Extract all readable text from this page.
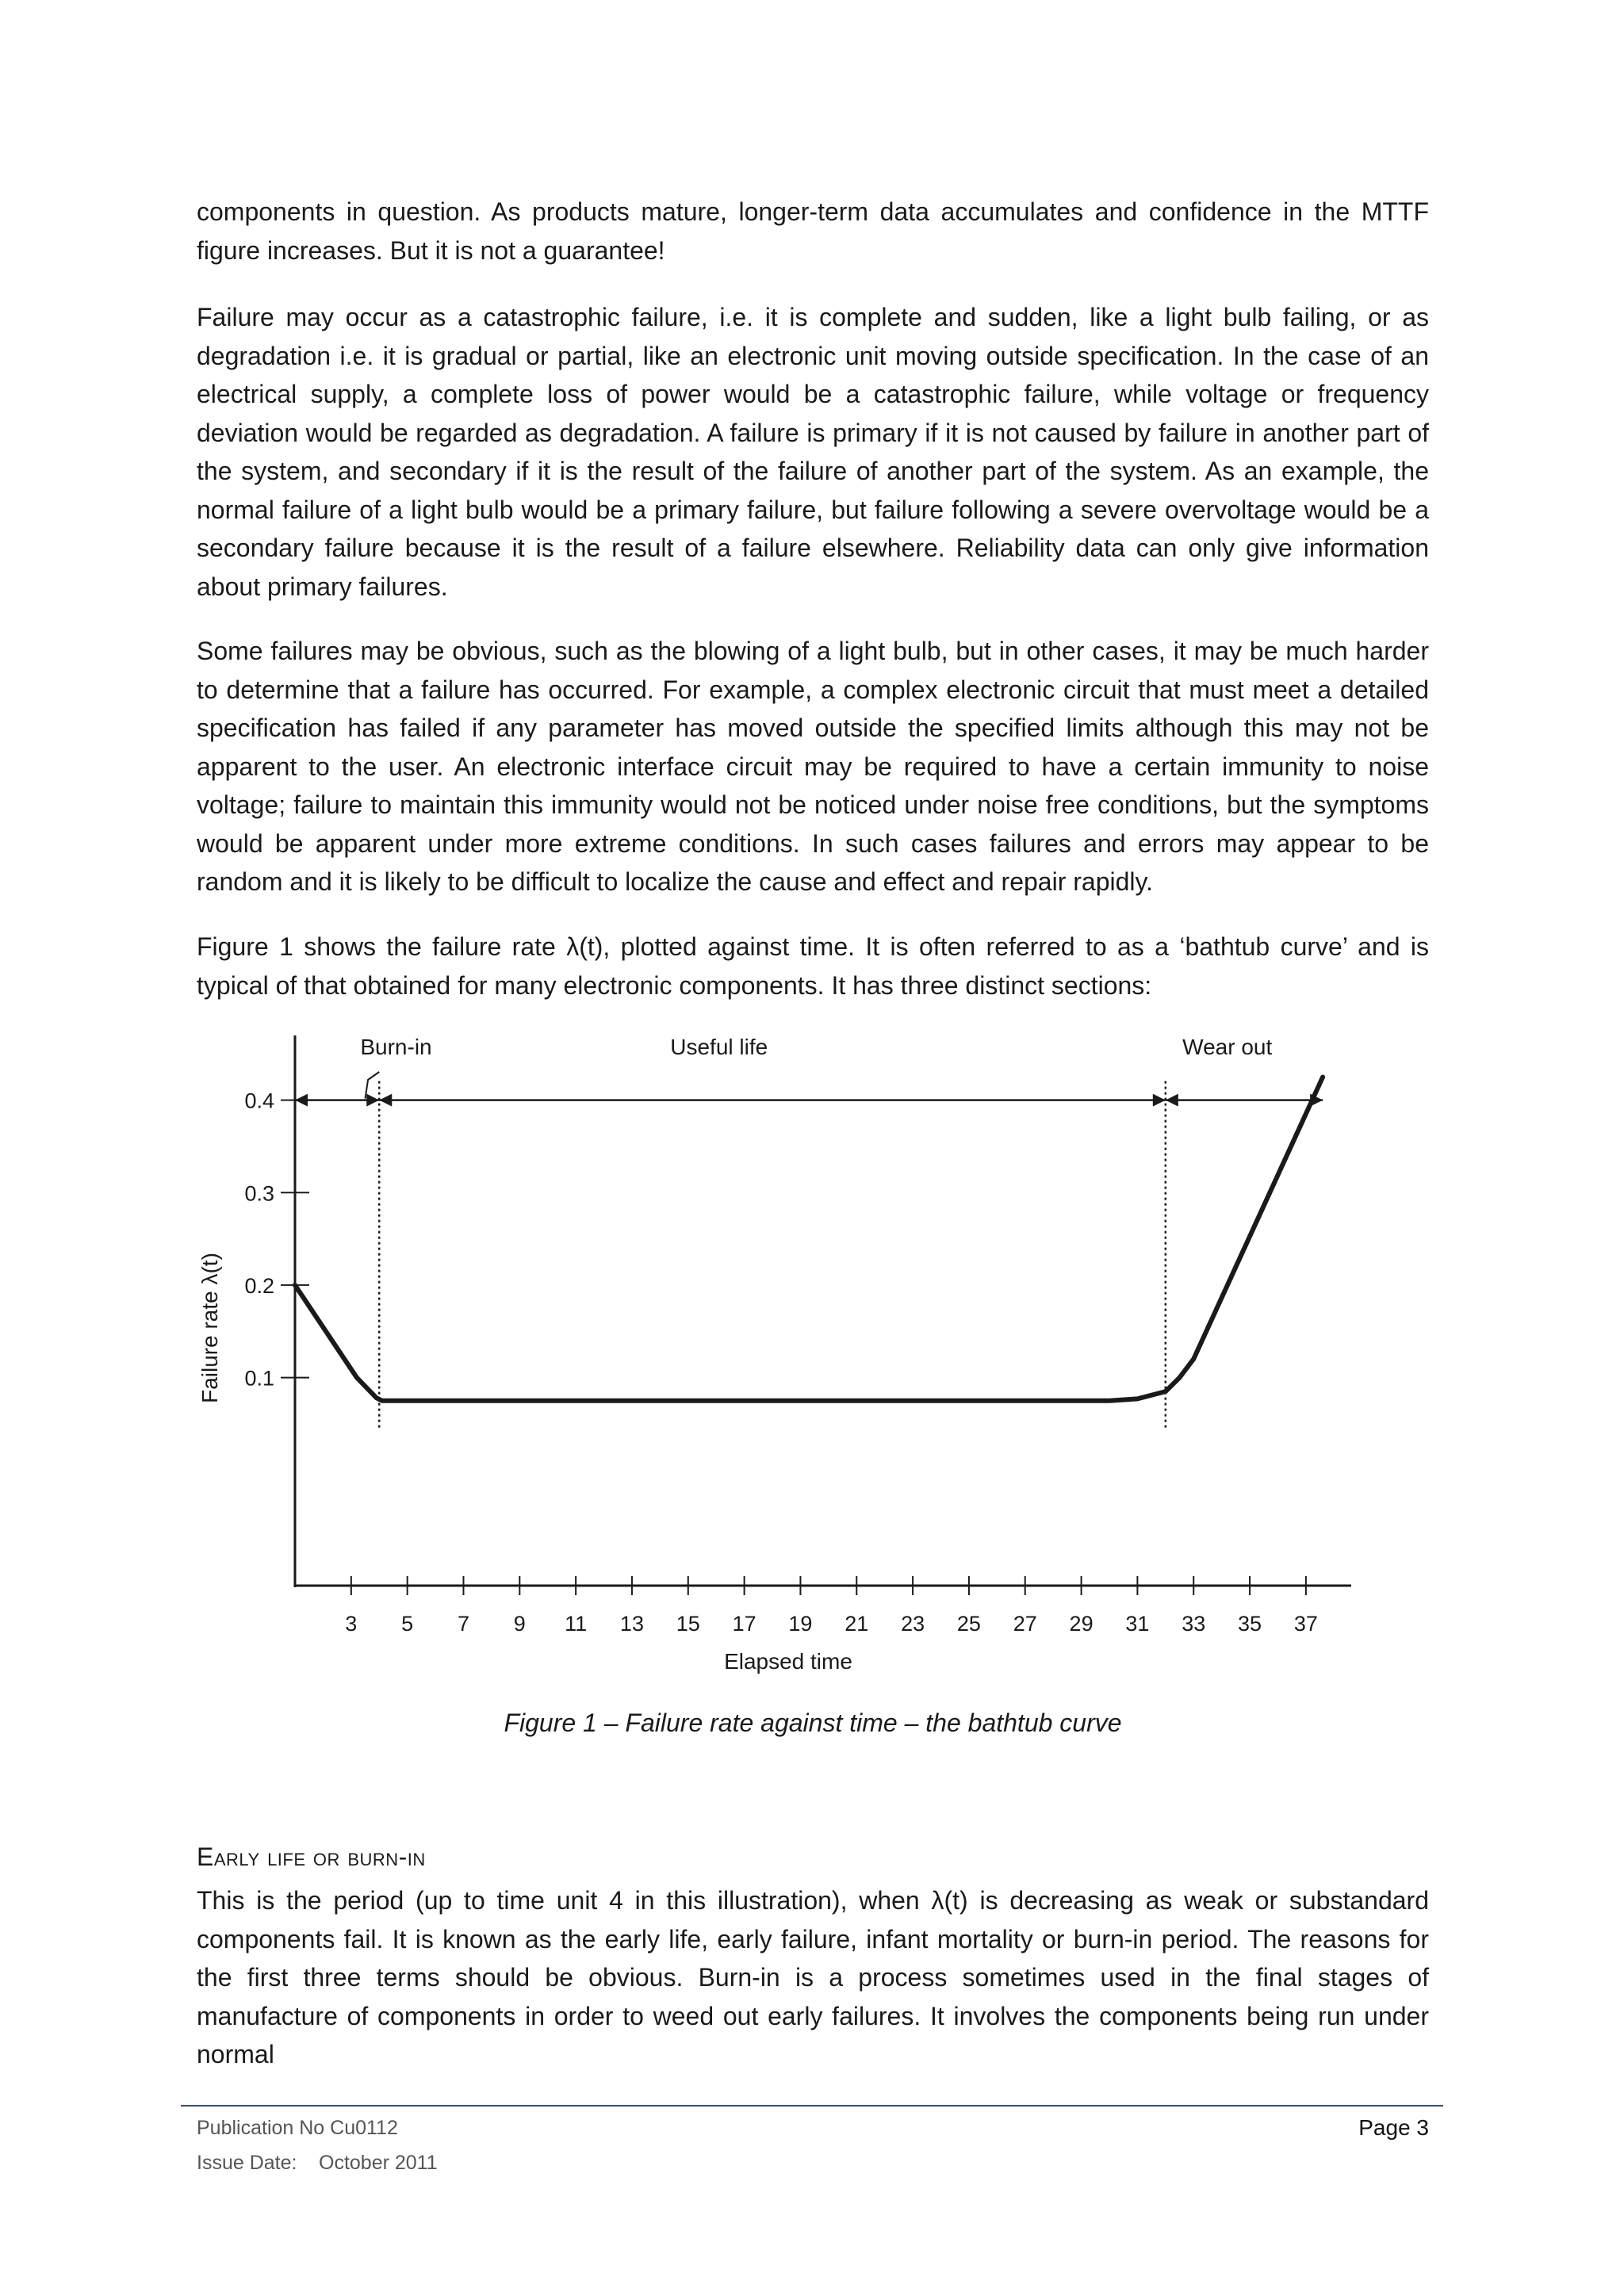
components in question. As products mature, longer-term data accumulates and confidence in the MTTF figure increases. But it is not a guarantee!

Failure may occur as a catastrophic failure, i.e. it is complete and sudden, like a light bulb failing, or as degradation i.e. it is gradual or partial, like an electronic unit moving outside specification. In the case of an electrical supply, a complete loss of power would be a catastrophic failure, while voltage or frequency deviation would be regarded as degradation. A failure is primary if it is not caused by failure in another part of the system, and secondary if it is the result of the failure of another part of the system. As an example, the normal failure of a light bulb would be a primary failure, but failure following a severe overvoltage would be a secondary failure because it is the result of a failure elsewhere. Reliability data can only give information about primary failures.

Some failures may be obvious, such as the blowing of a light bulb, but in other cases, it may be much harder to determine that a failure has occurred. For example, a complex electronic circuit that must meet a detailed specification has failed if any parameter has moved outside the specified limits although this may not be apparent to the user. An electronic interface circuit may be required to have a certain immunity to noise voltage; failure to maintain this immunity would not be noticed under noise free conditions, but the symptoms would be apparent under more extreme conditions. In such cases failures and errors may appear to be random and it is likely to be difficult to localize the cause and effect and repair rapidly.

Figure 1 shows the failure rate λ(t), plotted against time. It is often referred to as a ‘bathtub curve’ and is typical of that obtained for many electronic components. It has three distinct sections:

3 5 7 9 11 13 15 17 19 21 23 25 27 29 31 33 35 37
0.1
0.2
0.3
0.4
Burn-in	Useful life	Wear out
Elapsed time
Failure rate λ(t)
Figure 1 – Failure rate against time – the bathtub curve
Early life or burn-in

This is the period (up to time unit 4 in this illustration), when λ(t) is decreasing as weak or substandard components fail. It is known as the early life, early failure, infant mortality or burn-in period. The reasons for the first three terms should be obvious. Burn-in is a process sometimes used in the final stages of manufacture of components in order to weed out early failures. It involves the components being run under normal

Publication No Cu0112
Issue Date: October 2011
Page 3
